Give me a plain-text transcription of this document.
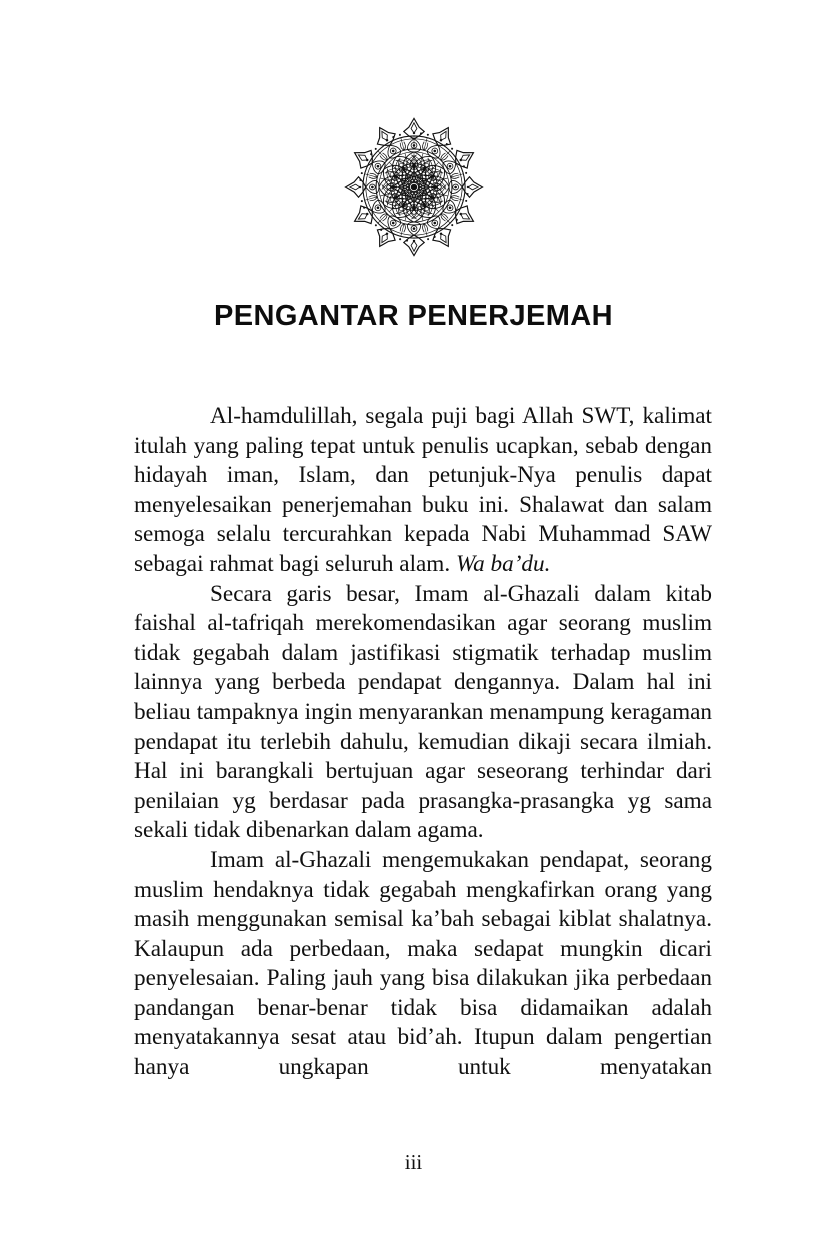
PENGANTAR PENERJEMAH

Al-hamdulillah, segala puji bagi Allah SWT, kalimat itulah yang paling tepat untuk penulis ucapkan, sebab dengan hidayah iman, Islam, dan petunjuk-Nya penulis dapat menyelesaikan penerjemahan buku ini. Shalawat dan salam semoga selalu tercurahkan kepada Nabi Muhammad SAW sebagai rahmat bagi seluruh alam. Wa ba’du.

Secara garis besar, Imam al-Ghazali dalam kitab faishal al-tafriqah merekomendasikan agar seorang muslim tidak gegabah dalam jastifikasi stigmatik terhadap muslim lainnya yang berbeda pendapat dengannya. Dalam hal ini beliau tampaknya ingin menyarankan menampung keragaman pendapat itu terlebih dahulu, kemudian dikaji secara ilmiah. Hal ini barangkali bertujuan agar seseorang terhindar dari penilaian yg berdasar pada prasangka-prasangka yg sama sekali tidak dibenarkan dalam agama.

Imam al-Ghazali mengemukakan pendapat, seorang muslim hendaknya tidak gegabah mengkafirkan orang yang masih menggunakan semisal ka’bah sebagai kiblat shalatnya. Kalaupun ada perbedaan, maka sedapat mungkin dicari penyelesaian. Paling jauh yang bisa dilakukan jika perbedaan pandangan benar-benar tidak bisa didamaikan adalah menyatakannya sesat atau bid’ah. Itupun dalam pengertian hanya ungkapan untuk menyatakan

iii
